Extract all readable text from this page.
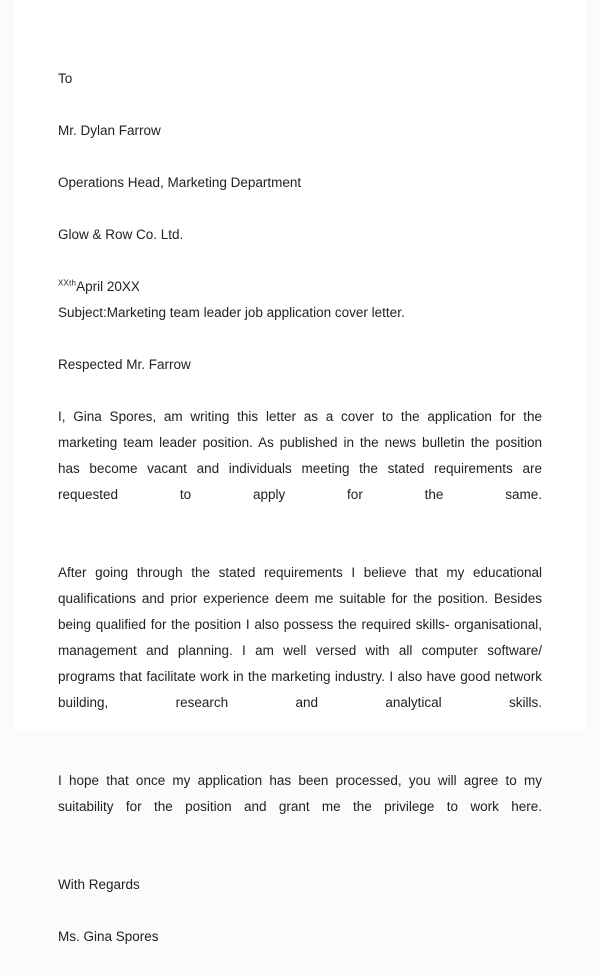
To

Mr. Dylan Farrow

Operations Head, Marketing Department

Glow & Row Co. Ltd.

$^{XXth}$April 20XX

Subject:Marketing team leader job application cover letter.

Respected Mr. Farrow

I, Gina Spores, am writing this letter as a cover to the application for the marketing team leader position. As published in the news bulletin the position has become vacant and individuals meeting the stated requirements are requested to apply for the same.

After going through the stated requirements I believe that my educational qualifications and prior experience deem me suitable for the position. Besides being qualified for the position I also possess the required skills- organisational, management and planning. I am well versed with all computer software/ programs that facilitate work in the marketing industry. I also have good network building, research and analytical skills.

I hope that once my application has been processed, you will agree to my suitability for the position and grant me the privilege to work here.

With Regards

Ms. Gina Spores
